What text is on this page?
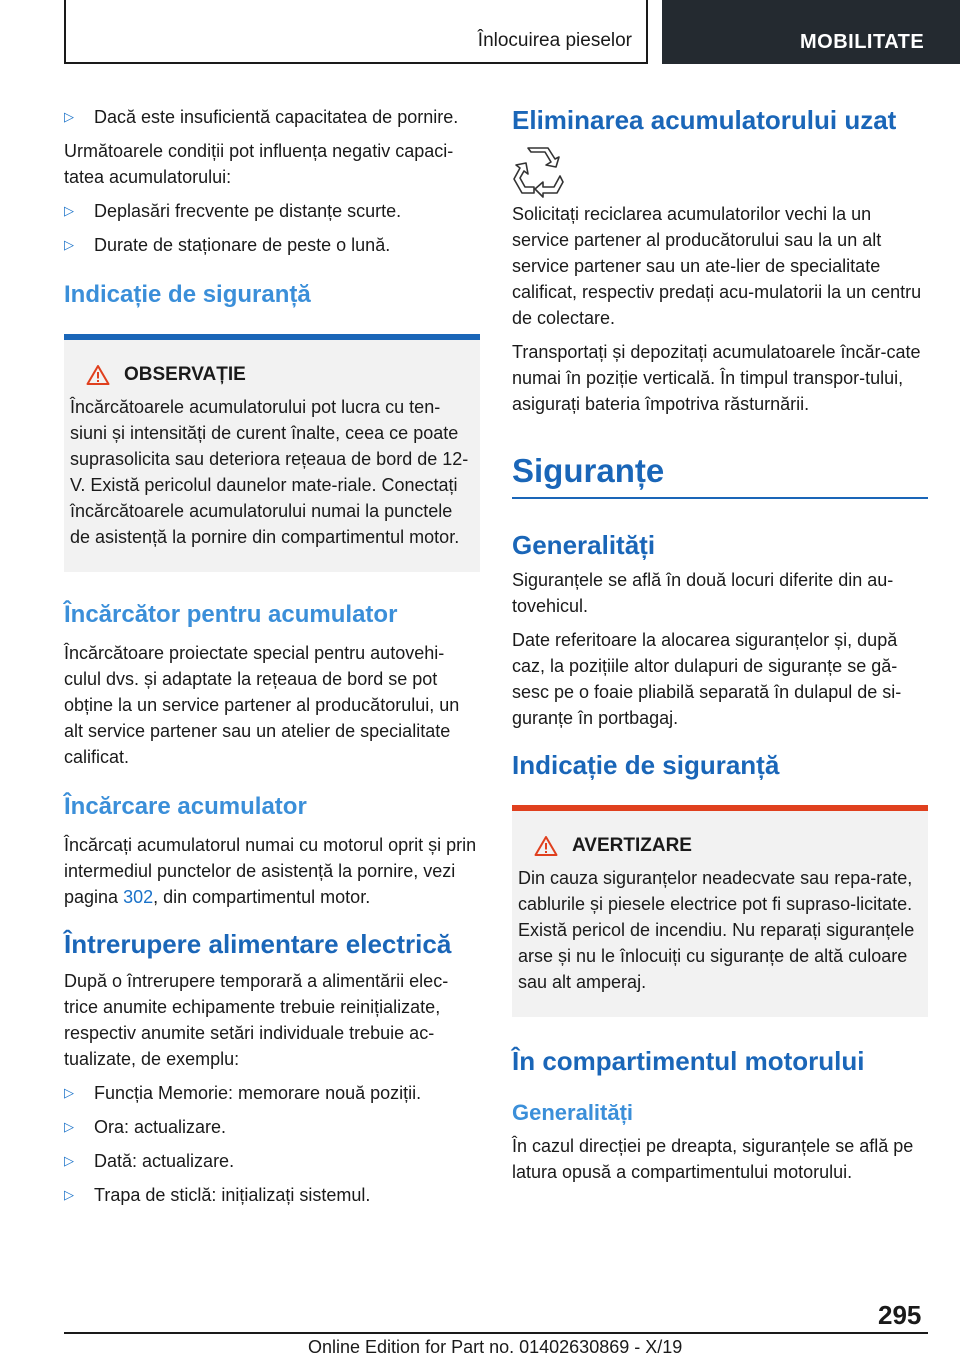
Înlocuirea pieselor	MOBILITATE
▷	Dacă este insuficientă capacitatea de pornire.

Următoarele condiții pot influența negativ capaci-tatea acumulatorului:

▷	Deplasări frecvente pe distanțe scurte.
▷	Durate de staționare de peste o lună.
Indicație de siguranță
OBSERVAȚIE
Încărcătoarele acumulatorului pot lucra cu ten-siuni și intensități de curent înalte, ceea ce poate suprasolicita sau deteriora rețeaua de bord de 12-V. Există pericolul daunelor mate-riale. Conectați încărcătoarele acumulatorului numai la punctele de asistență la pornire din compartimentul motor.
Încărcător pentru acumulator

Încărcătoare proiectate special pentru autovehi-culul dvs. și adaptate la rețeaua de bord se pot obține la un service partener al producătorului, un alt service partener sau un atelier de specialitate calificat.

Încărcare acumulator

Încărcați acumulatorul numai cu motorul oprit și prin intermediul punctelor de asistență la pornire, vezi pagina 302, din compartimentul motor.

Întrerupere alimentare electrică

După o întrerupere temporară a alimentării elec-trice anumite echipamente trebuie reinițializate, respectiv anumite setări individuale trebuie ac-tualizate, de exemplu:

▷	Funcția Memorie: memorare nouă poziții.
▷	Ora: actualizare.
▷	Dată: actualizare.
▷	Trapa de sticlă: inițializați sistemul.
Eliminarea acumulatorului uzat

Solicitați reciclarea acumulatorilor vechi la un service partener al producătorului sau la un alt service partener sau un ate-lier de specialitate calificat, respectiv predați acu-mulatorii la un centru de colectare.

Transportați și depozitați acumulatoarele încăr-cate numai în poziție verticală. În timpul transpor-tului, asigurați bateria împotriva răsturnării.

Siguranțe
Generalități

Siguranțele se află în două locuri diferite din au-tovehicul.

Date referitoare la alocarea siguranțelor și, după caz, la pozițiile altor dulapuri de siguranțe se gă-sesc pe o foaie pliabilă separată în dulapul de si-guranțe în portbagaj.

Indicație de siguranță
AVERTIZARE
Din cauza siguranțelor neadecvate sau repa-rate, cablurile și piesele electrice pot fi supraso-licitate. Există pericol de incendiu. Nu reparați siguranțele arse și nu le înlocuiți cu siguranțe de altă culoare sau alt amperaj.
În compartimentul motorului
Generalități

În cazul direcției pe dreapta, siguranțele se află pe latura opusă a compartimentului motorului.

295
Online Edition for Part no. 01402630869 - X/19
